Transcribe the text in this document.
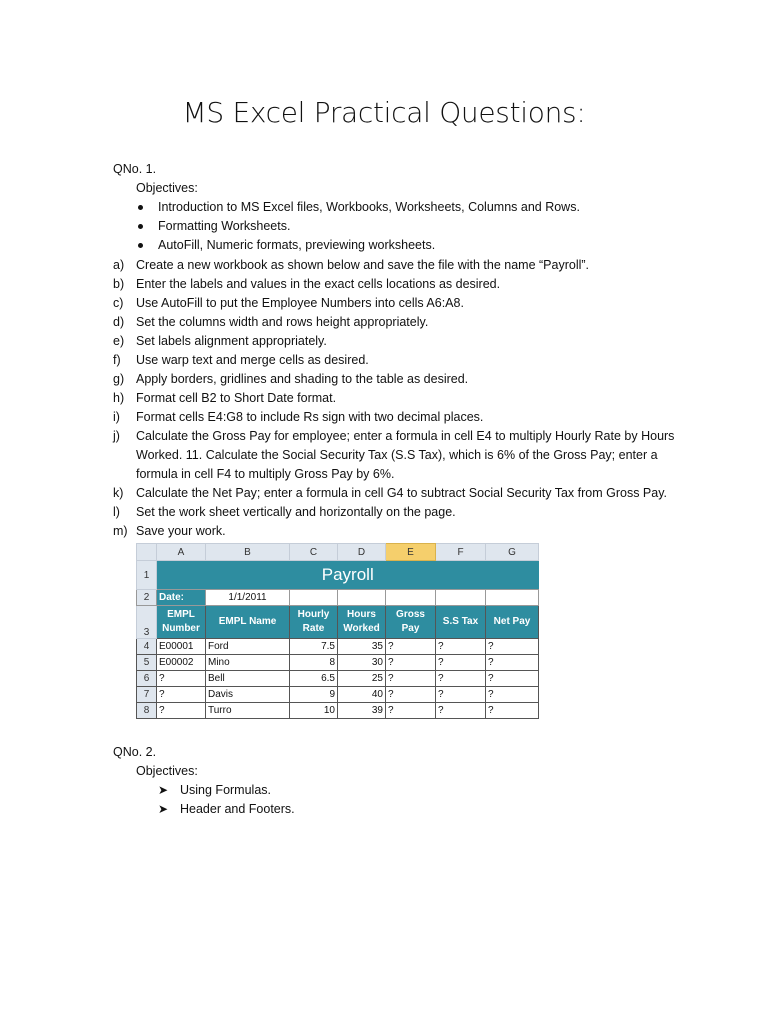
MS Excel Practical Questions:
QNo. 1.
Objectives:
Introduction to MS Excel files, Workbooks, Worksheets, Columns and Rows.
Formatting Worksheets.
AutoFill, Numeric formats, previewing worksheets.
a) Create a new workbook as shown below and save the file with the name “Payroll”.
b) Enter the labels and values in the exact cells locations as desired.
c) Use AutoFill to put the Employee Numbers into cells A6:A8.
d) Set the columns width and rows height appropriately.
e) Set labels alignment appropriately.
f) Use warp text and merge cells as desired.
g) Apply borders, gridlines and shading to the table as desired.
h) Format cell B2 to Short Date format.
i) Format cells E4:G8 to include Rs sign with two decimal places.
j) Calculate the Gross Pay for employee; enter a formula in cell E4 to multiply Hourly Rate by Hours Worked. 11. Calculate the Social Security Tax (S.S Tax), which is 6% of the Gross Pay; enter a formula in cell F4 to multiply Gross Pay by 6%.
k) Calculate the Net Pay; enter a formula in cell G4 to subtract Social Security Tax from Gross Pay.
l) Set the work sheet vertically and horizontally on the page.
m) Save your work.
	A	B	C	D	E	F	G
1	Payroll						
2	Date:	1/1/2011					
3	EMPL Number	EMPL Name	Hourly Rate	Hours Worked	Gross Pay	S.S Tax	Net Pay
4	E00001	Ford	7.5	35	?	?	?
5	E00002	Mino	8	30	?	?	?
6	?	Bell	6.5	25	?	?	?
7	?	Davis	9	40	?	?	?
8	?	Turro	10	39	?	?	?
QNo. 2.
Objectives:
➤ Using Formulas.
➤ Header and Footers.
